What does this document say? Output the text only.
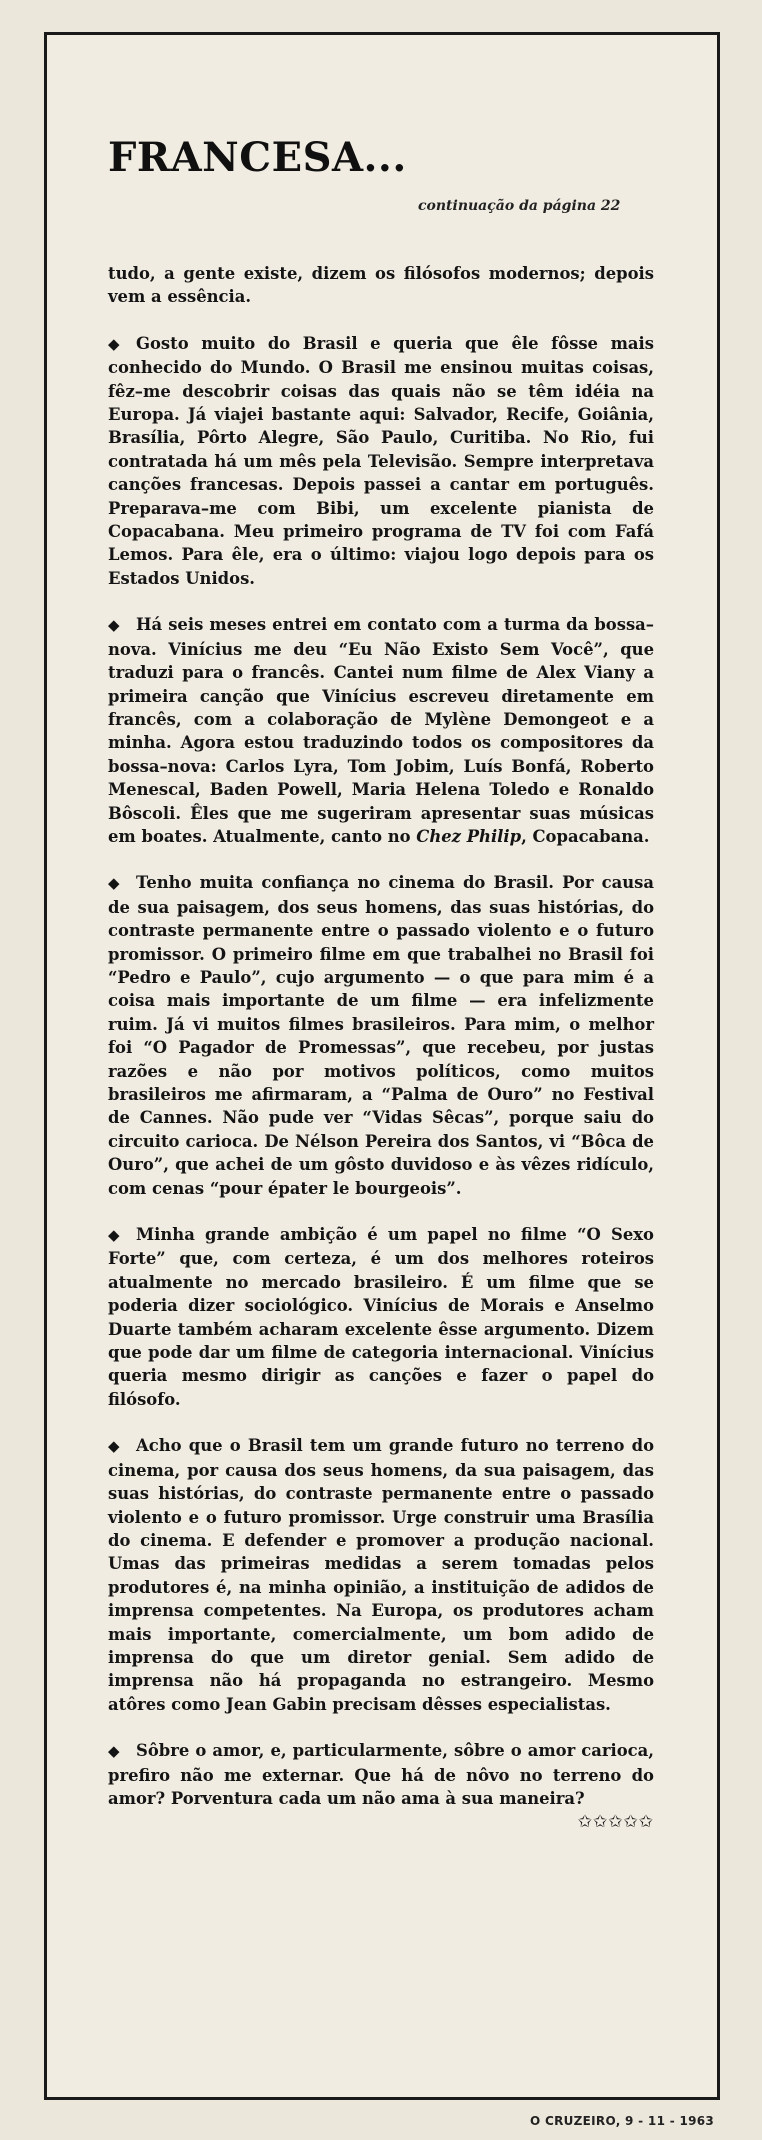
FRANCESA...
continuação da página 22

tudo, a gente existe, dizem os filósofos modernos; depois vem a essência.

◆ Gosto muito do Brasil e queria que êle fôsse mais conhecido do Mundo. O Brasil me ensinou muitas coisas, fêz–me descobrir coisas das quais não se têm idéia na Europa. Já viajei bastante aqui: Salvador, Recife, Goiânia, Brasília, Pôrto Alegre, São Paulo, Curitiba. No Rio, fui contratada há um mês pela Televisão. Sempre interpretava canções francesas. Depois passei a cantar em português. Preparava–me com Bibi, um excelente pianista de Copacabana. Meu primeiro programa de TV foi com Fafá Lemos. Para êle, era o último: viajou logo depois para os Estados Unidos.

◆ Há seis meses entrei em contato com a turma da bossa–nova. Vinícius me deu “Eu Não Existo Sem Você”, que traduzi para o francês. Cantei num filme de Alex Viany a primeira canção que Vinícius escreveu diretamente em francês, com a colaboração de Mylène Demongeot e a minha. Agora estou traduzindo todos os compositores da bossa–nova: Carlos Lyra, Tom Jobim, Luís Bonfá, Roberto Menescal, Baden Powell, Maria Helena Toledo e Ronaldo Bôscoli. Êles que me sugeriram apresentar suas músicas em boates. Atualmente, canto no Chez Philip, Copacabana.

◆ Tenho muita confiança no cinema do Brasil. Por causa de sua paisagem, dos seus homens, das suas histórias, do contraste permanente entre o passado violento e o futuro promissor. O primeiro filme em que trabalhei no Brasil foi “Pedro e Paulo”, cujo argumento — o que para mim é a coisa mais importante de um filme — era infelizmente ruim. Já vi muitos filmes brasileiros. Para mim, o melhor foi “O Pagador de Promessas”, que recebeu, por justas razões e não por motivos políticos, como muitos brasileiros me afirmaram, a “Palma de Ouro” no Festival de Cannes. Não pude ver “Vidas Sêcas”, porque saiu do circuito carioca. De Nélson Pereira dos Santos, vi “Bôca de Ouro”, que achei de um gôsto duvidoso e às vêzes ridículo, com cenas “pour épater le bourgeois”.

◆ Minha grande ambição é um papel no filme “O Sexo Forte” que, com certeza, é um dos melhores roteiros atualmente no mercado brasileiro. É um filme que se poderia dizer sociológico. Vinícius de Morais e Anselmo Duarte também acharam excelente êsse argumento. Dizem que pode dar um filme de categoria internacional. Vinícius queria mesmo dirigir as canções e fazer o papel do filósofo.

◆ Acho que o Brasil tem um grande futuro no terreno do cinema, por causa dos seus homens, da sua paisagem, das suas histórias, do contraste permanente entre o passado violento e o futuro promissor. Urge construir uma Brasília do cinema. E defender e promover a produção nacional. Umas das primeiras medidas a serem tomadas pelos produtores é, na minha opinião, a instituição de adidos de imprensa competentes. Na Europa, os produtores acham mais importante, comercialmente, um bom adido de imprensa do que um diretor genial. Sem adido de imprensa não há propaganda no estrangeiro. Mesmo atôres como Jean Gabin precisam dêsses especialistas.

◆ Sôbre o amor, e, particularmente, sôbre o amor carioca, prefiro não me externar. Que há de nôvo no terreno do amor? Porventura cada um não ama à sua maneira?
✩✩✩✩✩

O CRUZEIRO, 9 - 11 - 1963
